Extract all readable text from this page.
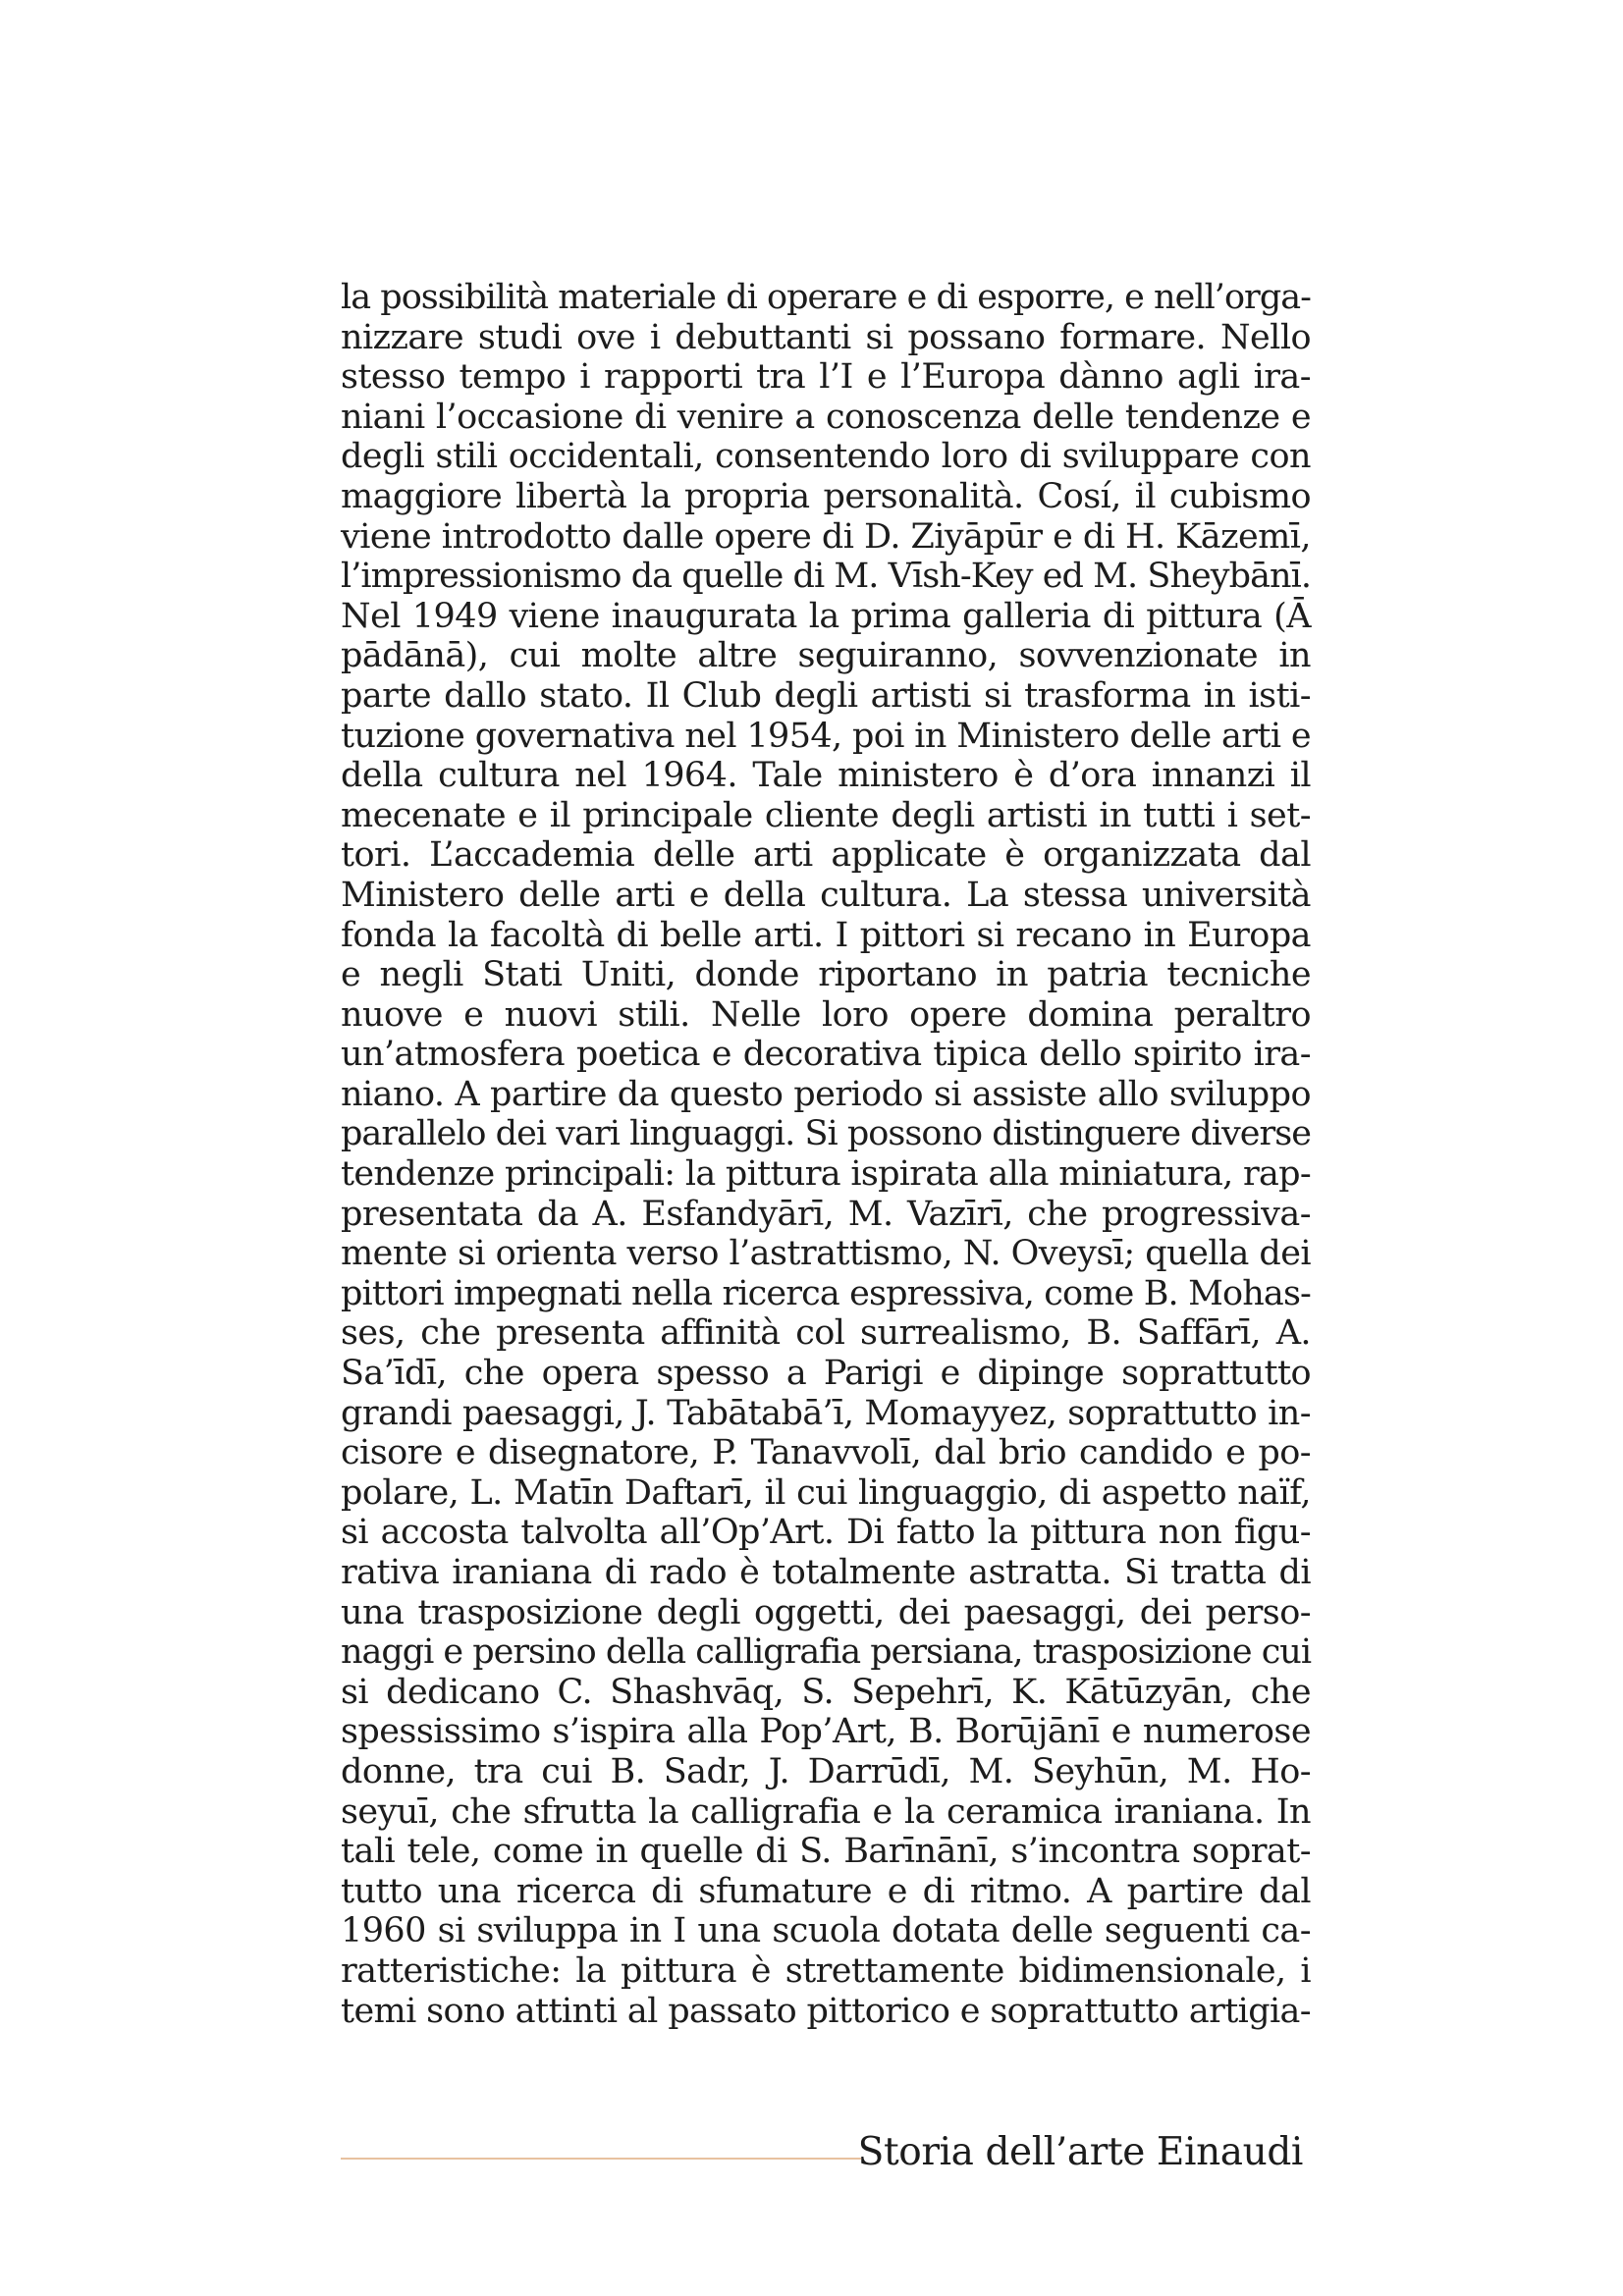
la possibilità materiale di operare e di esporre, e nell’orga-
nizzare studi ove i debuttanti si possano formare. Nello
stesso tempo i rapporti tra l’I e l’Europa dànno agli ira-
niani l’occasione di venire a conoscenza delle tendenze e
degli stili occidentali, consentendo loro di sviluppare con
maggiore libertà la propria personalità. Cosí, il cubismo
viene introdotto dalle opere di D. Ziyāpūr e di H. Kāzemī,
l’impressionismo da quelle di M. Vīsh-Key ed M. Sheybānī.
Nel 1949 viene inaugurata la prima galleria di pittura (Ā
pādānā), cui molte altre seguiranno, sovvenzionate in
parte dallo stato. Il Club degli artisti si trasforma in isti-
tuzione governativa nel 1954, poi in Ministero delle arti e
della cultura nel 1964. Tale ministero è d’ora innanzi il
mecenate e il principale cliente degli artisti in tutti i set-
tori. L’accademia delle arti applicate è organizzata dal
Ministero delle arti e della cultura. La stessa università
fonda la facoltà di belle arti. I pittori si recano in Europa
e negli Stati Uniti, donde riportano in patria tecniche
nuove e nuovi stili. Nelle loro opere domina peraltro
un’atmosfera poetica e decorativa tipica dello spirito ira-
niano. A partire da questo periodo si assiste allo sviluppo
parallelo dei vari linguaggi. Si possono distinguere diverse
tendenze principali: la pittura ispirata alla miniatura, rap-
presentata da A. Esfandyārī, M. Vazīrī, che progressiva-
mente si orienta verso l’astrattismo, N. Oveysī; quella dei
pittori impegnati nella ricerca espressiva, come B. Mohas-
ses, che presenta affinità col surrealismo, B. Saffārī, A.
Sa’īdī, che opera spesso a Parigi e dipinge soprattutto
grandi paesaggi, J. Tabātabā’ī, Momayyez, soprattutto in-
cisore e disegnatore, P. Tanavvolī, dal brio candido e po-
polare, L. Matīn Daftarī, il cui linguaggio, di aspetto naïf,
si accosta talvolta all’Op’Art. Di fatto la pittura non figu-
rativa iraniana di rado è totalmente astratta. Si tratta di
una trasposizione degli oggetti, dei paesaggi, dei perso-
naggi e persino della calligrafia persiana, trasposizione cui
si dedicano C. Shashvāq, S. Sepehrī, K. Kātūzyān, che
spessissimo s’ispira alla Pop’Art, B. Borūjānī e numerose
donne, tra cui B. Sadr, J. Darrūdī, M. Seyhūn, M. Ho-
seyuī, che sfrutta la calligrafia e la ceramica iraniana. In
tali tele, come in quelle di S. Barīnānī, s’incontra soprat-
tutto una ricerca di sfumature e di ritmo. A partire dal
1960 si sviluppa in I una scuola dotata delle seguenti ca-
ratteristiche: la pittura è strettamente bidimensionale, i
temi sono attinti al passato pittorico e soprattutto artigia-
Storia dell’arte Einaudi
